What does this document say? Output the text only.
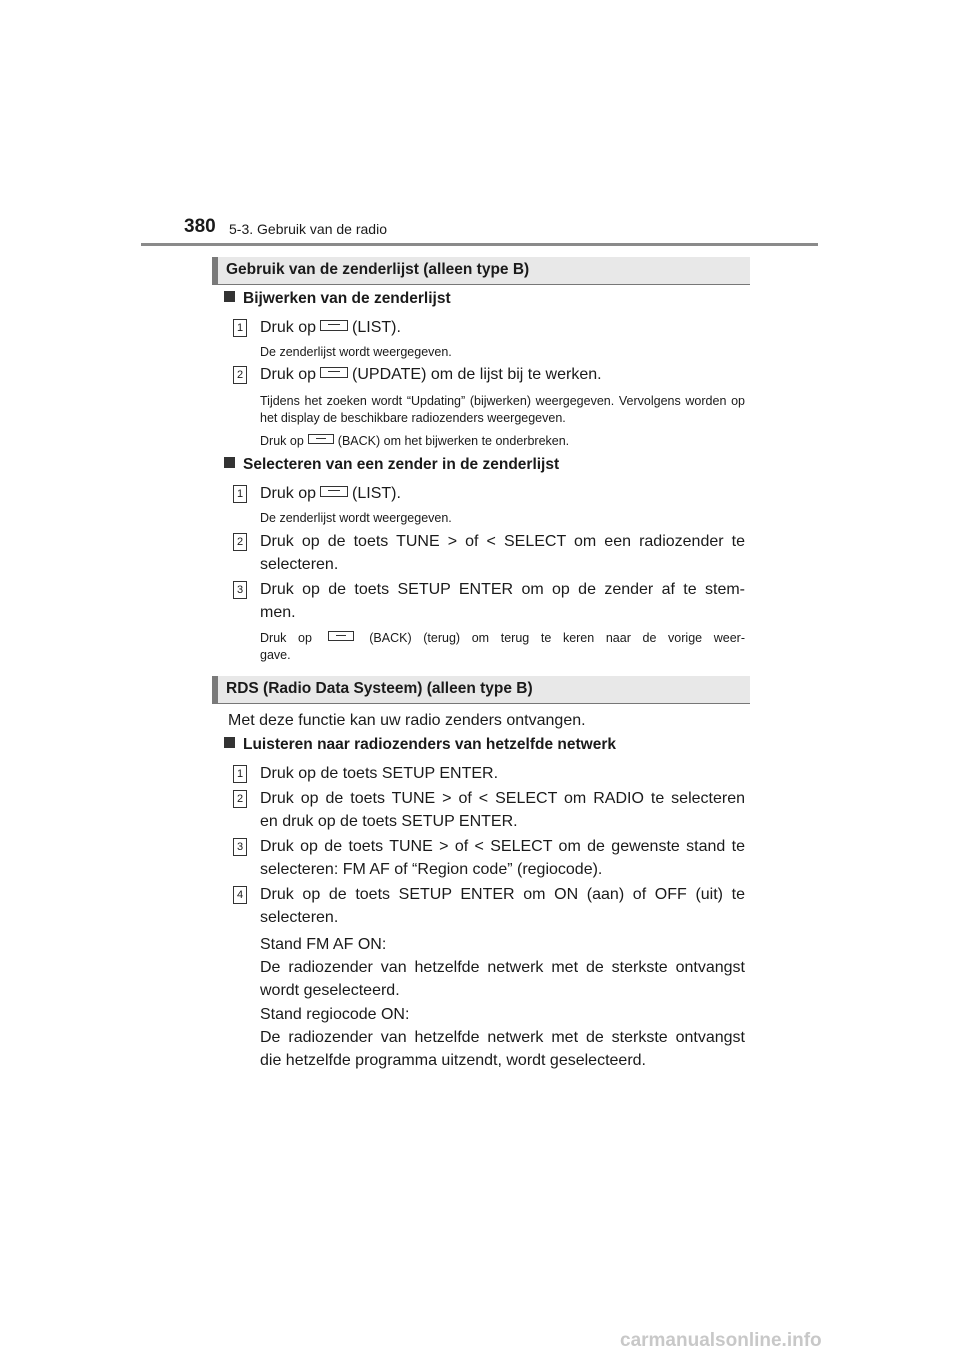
380 5-3. Gebruik van de radio
Gebruik van de zenderlijst (alleen type B)
Bijwerken van de zenderlijst
1 Druk op (LIST).
De zenderlijst wordt weergegeven.
2 Druk op (UPDATE) om de lijst bij te werken.
Tijdens het zoeken wordt “Updating” (bijwerken) weergegeven. Vervolgens worden op het display de beschikbare radiozenders weergegeven.
Druk op	(BACK) om het bijwerken te onderbreken.
Selecteren van een zender in de zenderlijst
1 Druk op (LIST).
De zenderlijst wordt weergegeven.
2 Druk op de toets TUNE > of < SELECT om een radiozender te
selecteren.
3 Druk op de toets SETUP ENTER om op de zender af te stem-
men.
Druk op	(BACK) (terug) om terug te keren naar de vorige weer-
gave.
RDS (Radio Data Systeem) (alleen type B)
Met deze functie kan uw radio zenders ontvangen.
Luisteren naar radiozenders van hetzelfde netwerk
1 Druk op de toets SETUP ENTER.
2 Druk op de toets TUNE > of < SELECT om RADIO te selecteren
en druk op de toets SETUP ENTER.
3 Druk op de toets TUNE > of < SELECT om de gewenste stand te
selecteren: FM AF of “Region code” (regiocode).
4 Druk op de toets SETUP ENTER om ON (aan) of OFF (uit) te
selecteren.
Stand FM AF ON:
De radiozender van hetzelfde netwerk met de sterkste ontvangst
wordt geselecteerd.
Stand regiocode ON:
De radiozender van hetzelfde netwerk met de sterkste ontvangst
die hetzelfde programma uitzendt, wordt geselecteerd.
carmanualsonline.info
